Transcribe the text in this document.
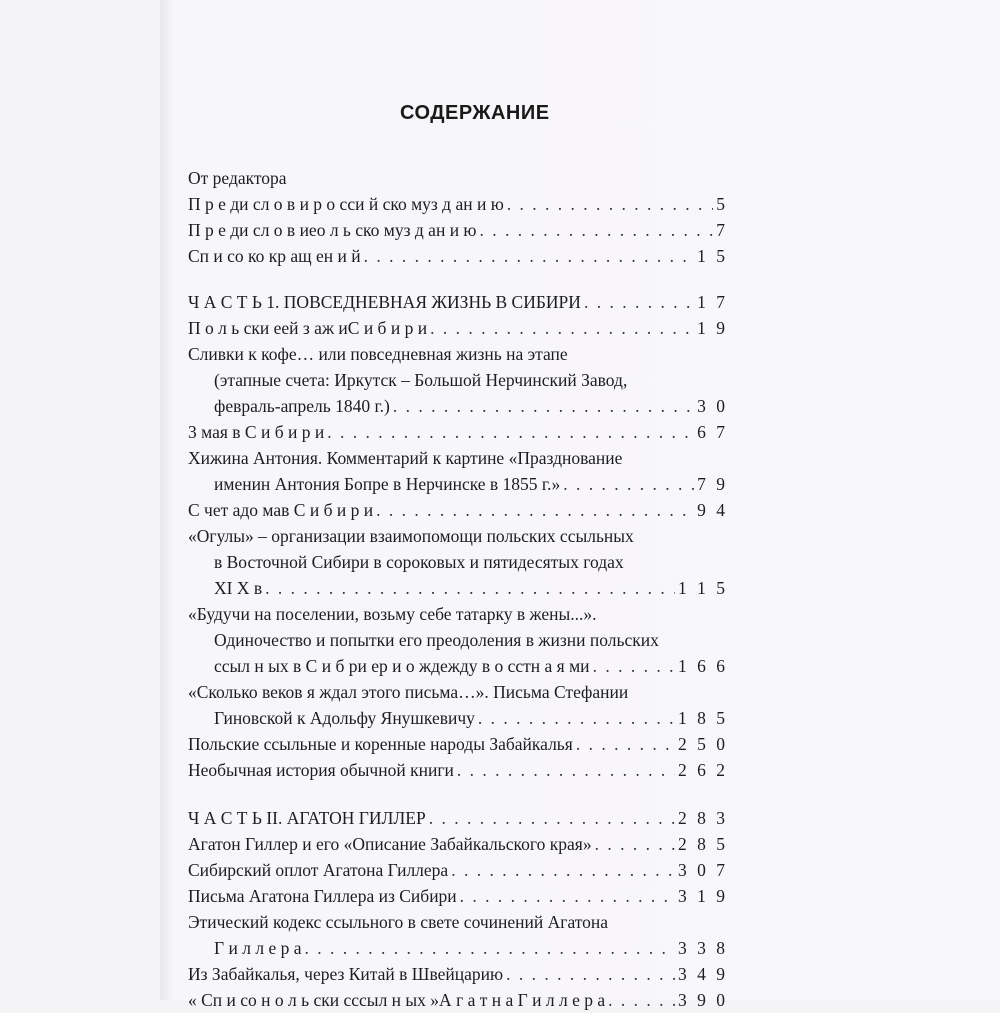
СОДЕРЖАНИЕ
От редактора
П р е ди сл о в и р о сси й ско муз д ан и ю . . .	5
П р е ди сл о в иео л ь ско муз д ан и ю . . .	7
Сп и со ко кр ащ ен и й . . .	1 5
Ч А С Т Ь 1. ПОВСЕДНЕВНАЯ ЖИЗНЬ В СИБИРИ . . .	1 7
П о л ь ски еей з аж иС и б и р и . . .	1 9
Сливки к кофе… или повседневная жизнь на этапе
(этапные счета: Иркутск – Большой Нерчинский Завод,
февраль-апрель 1840 г.) . . .	3 0
3 мая в С и б и р и . . .	6 7
Хижина Антония. Комментарий к картине «Празднование
именин Антония Бопре в Нерчинске в 1855 г.» . . .	7 9
С чет адо мав С и б и р и . . .	9 4
«Огулы» – организации взаимопомощи польских ссыльных
в Восточной Сибири в сороковых и пятидесятых годах
XI X в . . .	1 1 5
«Будучи на поселении, возьму себе татарку в жены...».
Одиночество и попытки его преодоления в жизни польских
ссыл н ых в С и б ри ер и о ждежду в о сстн а я ми . . .	1 6 6
«Сколько веков я ждал этого письма…». Письма Стефании
Гиновской к Адольфу Янушкевичу . . .	1 8 5
Польские ссыльные и коренные народы Забайкалья . . .	2 5 0
Необычная история обычной книги . . .	2 6 2
Ч А С Т Ь II. АГАТОН ГИЛЛЕР . . .	2 8 3
Агатон Гиллер и его «Описание Забайкальского края» . . .	2 8 5
Сибирский оплот Агатона Гиллера . . .	3 0 7
Письма Агатона Гиллера из Сибири . . .	3 1 9
Этический кодекс ссыльного в свете сочинений Агатона
Г и л л е р а . . .	3 3 8
Из Забайкалья, через Китай в Швейцарию . . .	3 4 9
« Сп и со н о л ь ски сссыл н ых »А г а т н а Г и л л е р а . . .	3 9 0
